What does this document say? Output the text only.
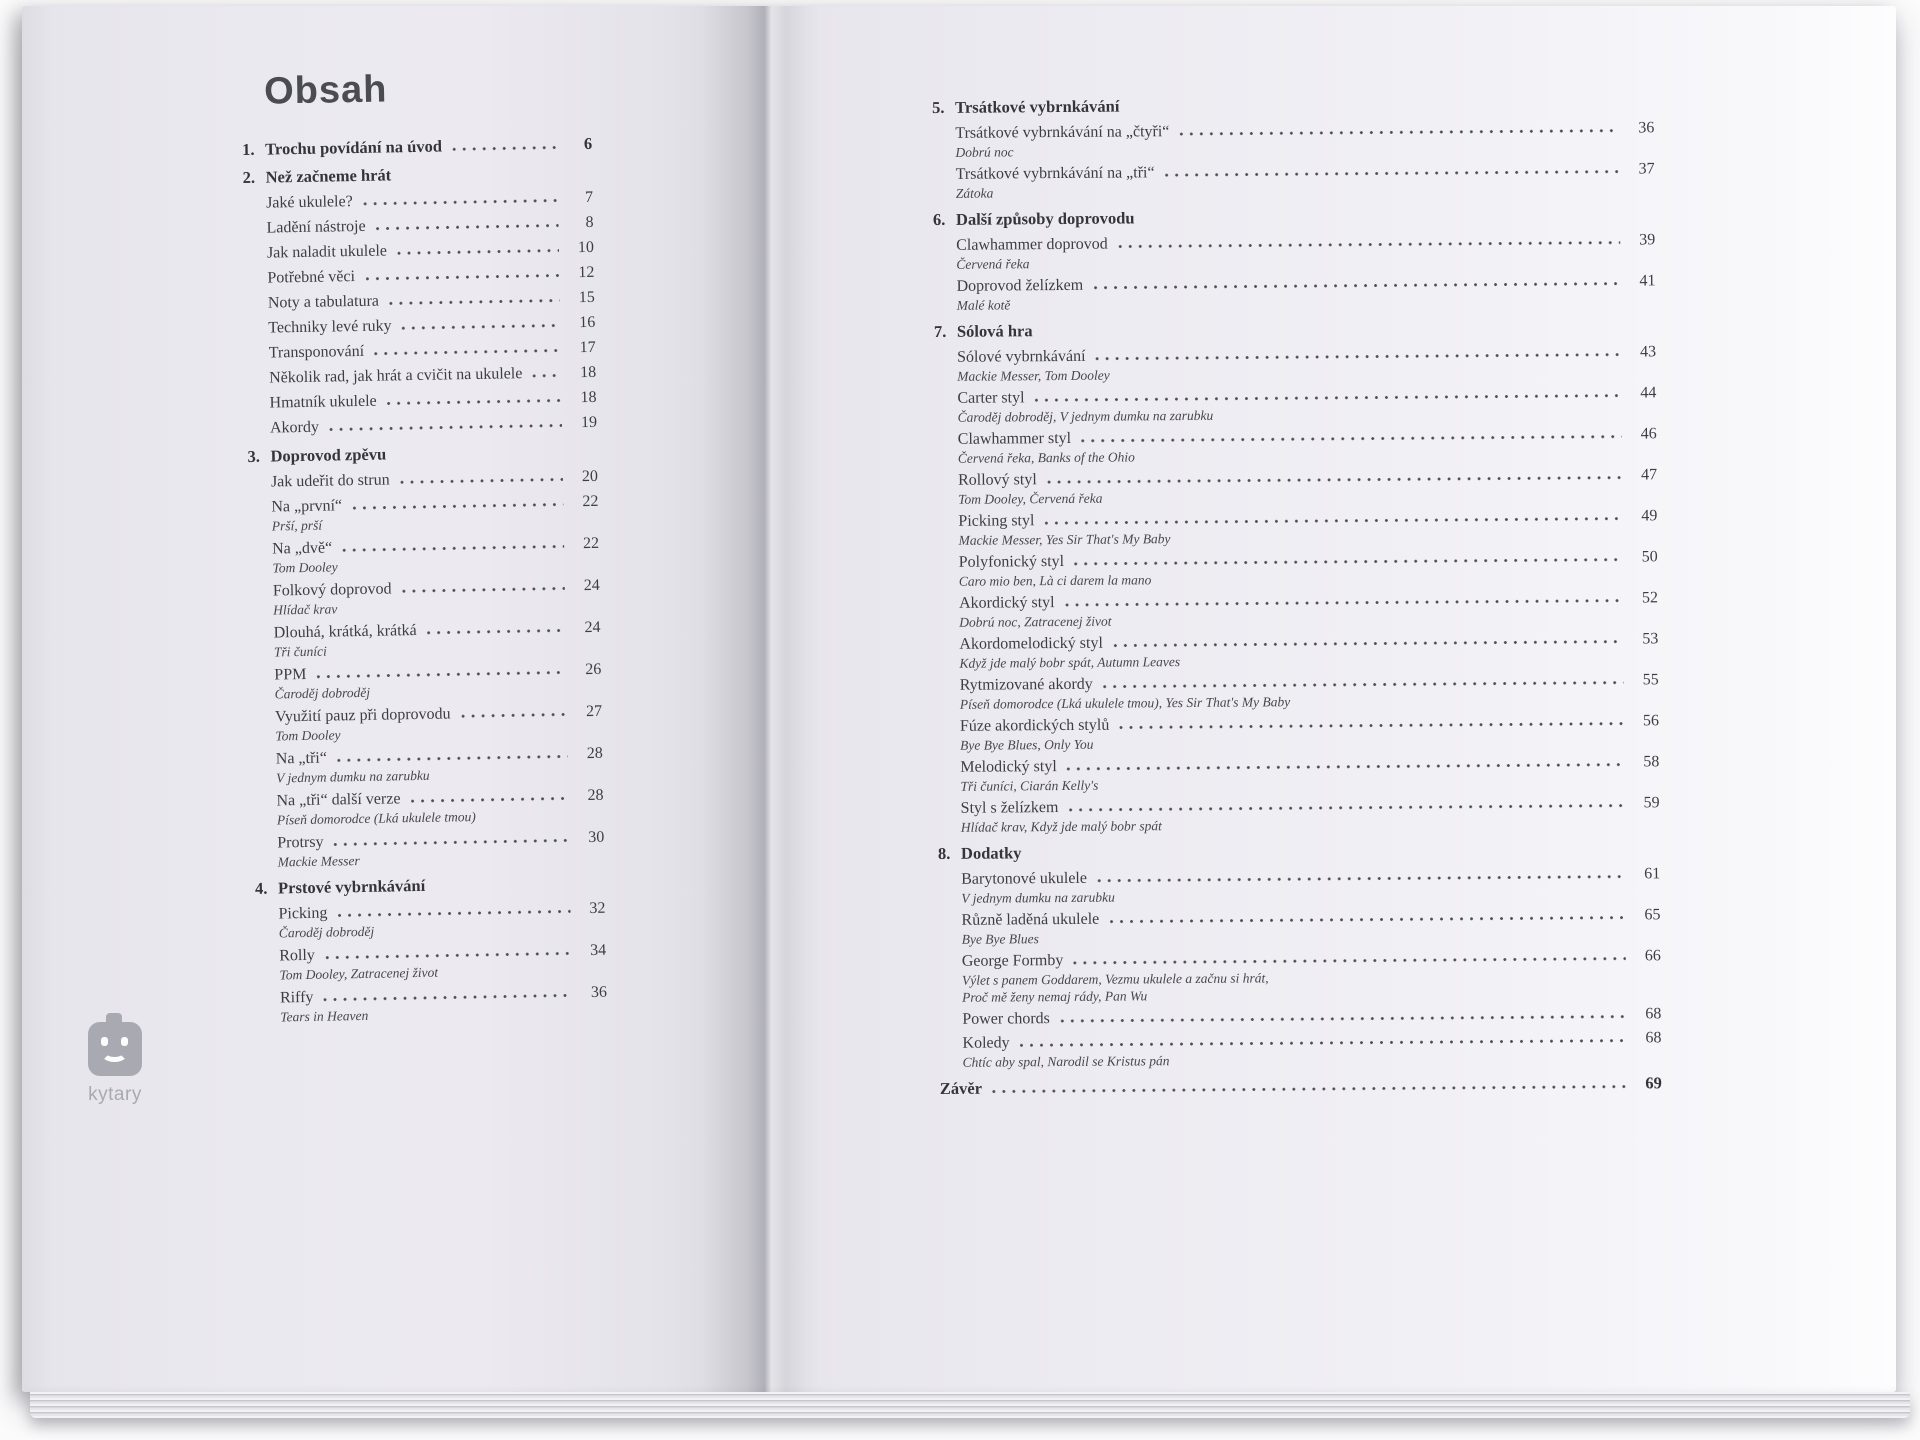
Obsah
1. Trochu povídání na úvod	6
2. Než začneme hrát
Jaké ukulele?	7
Ladění nástroje	8
Jak naladit ukulele	10
Potřebné věci	12
Noty a tabulatura	15
Techniky levé ruky	16
Transponování	17
Několik rad, jak hrát a cvičit na ukulele	18
Hmatník ukulele	18
Akordy	19
3. Doprovod zpěvu
Jak udeřit do strun	20
Na „první“	22
Prší, prší
Na „dvě“	22
Tom Dooley
Folkový doprovod	24
Hlídač krav
Dlouhá, krátká, krátká	24
Tři čuníci
PPM	26
Čaroděj dobroděj
Využití pauz při doprovodu	27
Tom Dooley
Na „tři“	28
V jednym dumku na zarubku
Na „tři“ další verze	28
Píseň domorodce (Lká ukulele tmou)
Protrsy	30
Mackie Messer
4. Prstové vybrnkávání
Picking	32
Čaroděj dobroděj
Rolly	34
Tom Dooley, Zatracenej život
Riffy	36
Tears in Heaven
5. Trsátkové vybrnkávání
Trsátkové vybrnkávání na „čtyři“	36
Dobrú noc
Trsátkové vybrnkávání na „tři“	37
Zátoka
6. Další způsoby doprovodu
Clawhammer doprovod	39
Červená řeka
Doprovod želízkem	41
Malé kotě
7. Sólová hra
Sólové vybrnkávání	43
Mackie Messer, Tom Dooley
Carter styl	44
Čaroděj dobroděj, V jednym dumku na zarubku
Clawhammer styl	46
Červená řeka, Banks of the Ohio
Rollový styl	47
Tom Dooley, Červená řeka
Picking styl	49
Mackie Messer, Yes Sir That's My Baby
Polyfonický styl	50
Caro mio ben, Là ci darem la mano
Akordický styl	52
Dobrú noc, Zatracenej život
Akordomelodický styl	53
Když jde malý bobr spát, Autumn Leaves
Rytmizované akordy	55
Píseň domorodce (Lká ukulele tmou), Yes Sir That's My Baby
Fúze akordických stylů	56
Bye Bye Blues, Only You
Melodický styl	58
Tři čuníci, Ciarán Kelly's
Styl s želízkem	59
Hlídač krav, Když jde malý bobr spát
8. Dodatky
Barytonové ukulele	61
V jednym dumku na zarubku
Různě laděná ukulele	65
Bye Bye Blues
George Formby	66
Výlet s panem Goddarem, Vezmu ukulele a začnu si hrát,
Proč mě ženy nemaj rády, Pan Wu
Power chords	68
Koledy	68
Chtíc aby spal, Narodil se Kristus pán
Závěr	69
kytary
